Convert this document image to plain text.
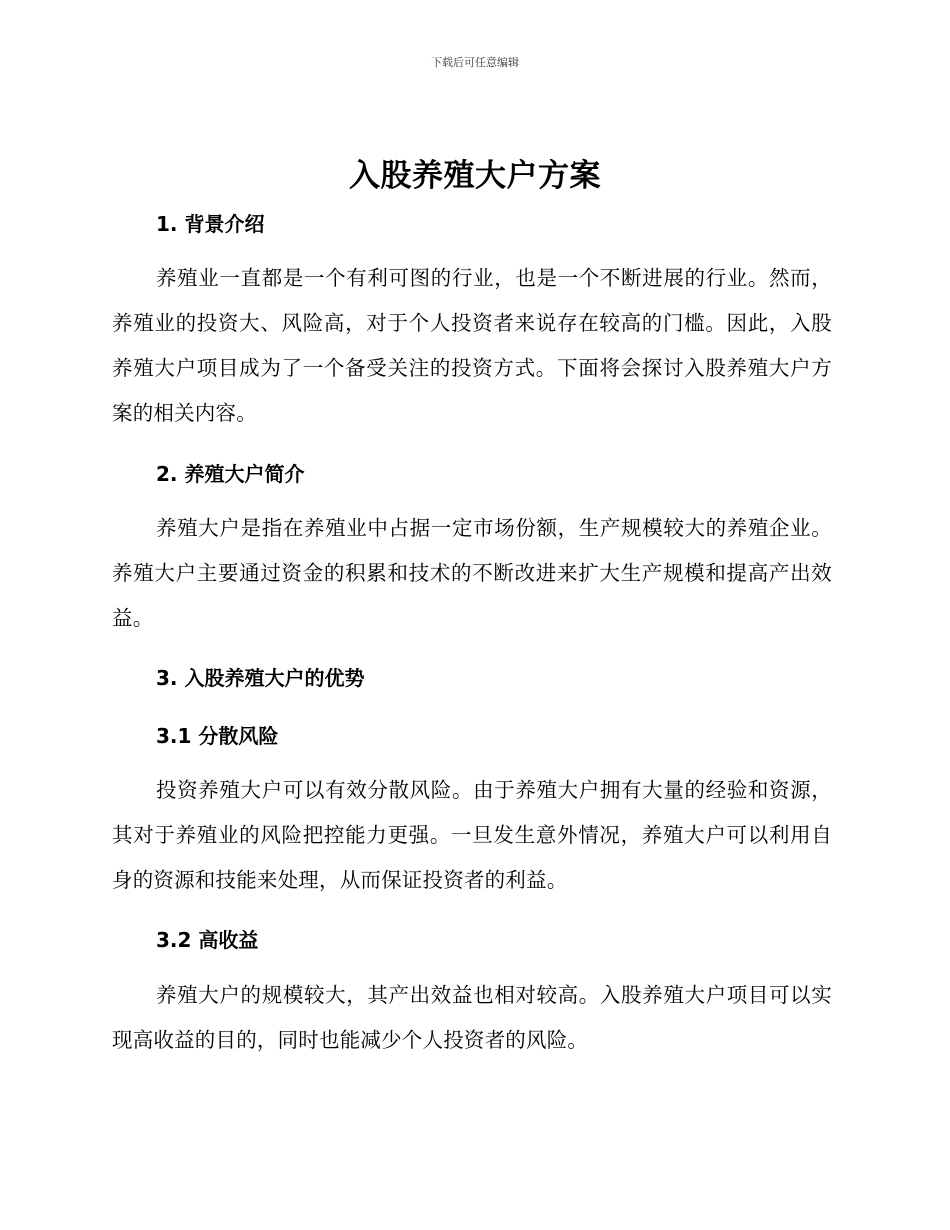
下载后可任意编辑
入股养殖大户方案
1. 背景介绍
养殖业一直都是一个有利可图的行业，也是一个不断进展的行业。然而，养殖业的投资大、风险高，对于个人投资者来说存在较高的门槛。因此，入股养殖大户项目成为了一个备受关注的投资方式。下面将会探讨入股养殖大户方案的相关内容。
2. 养殖大户简介
养殖大户是指在养殖业中占据一定市场份额，生产规模较大的养殖企业。养殖大户主要通过资金的积累和技术的不断改进来扩大生产规模和提高产出效益。
3. 入股养殖大户的优势
3.1 分散风险
投资养殖大户可以有效分散风险。由于养殖大户拥有大量的经验和资源，其对于养殖业的风险把控能力更强。一旦发生意外情况，养殖大户可以利用自身的资源和技能来处理，从而保证投资者的利益。
3.2 高收益
养殖大户的规模较大，其产出效益也相对较高。入股养殖大户项目可以实现高收益的目的，同时也能减少个人投资者的风险。
